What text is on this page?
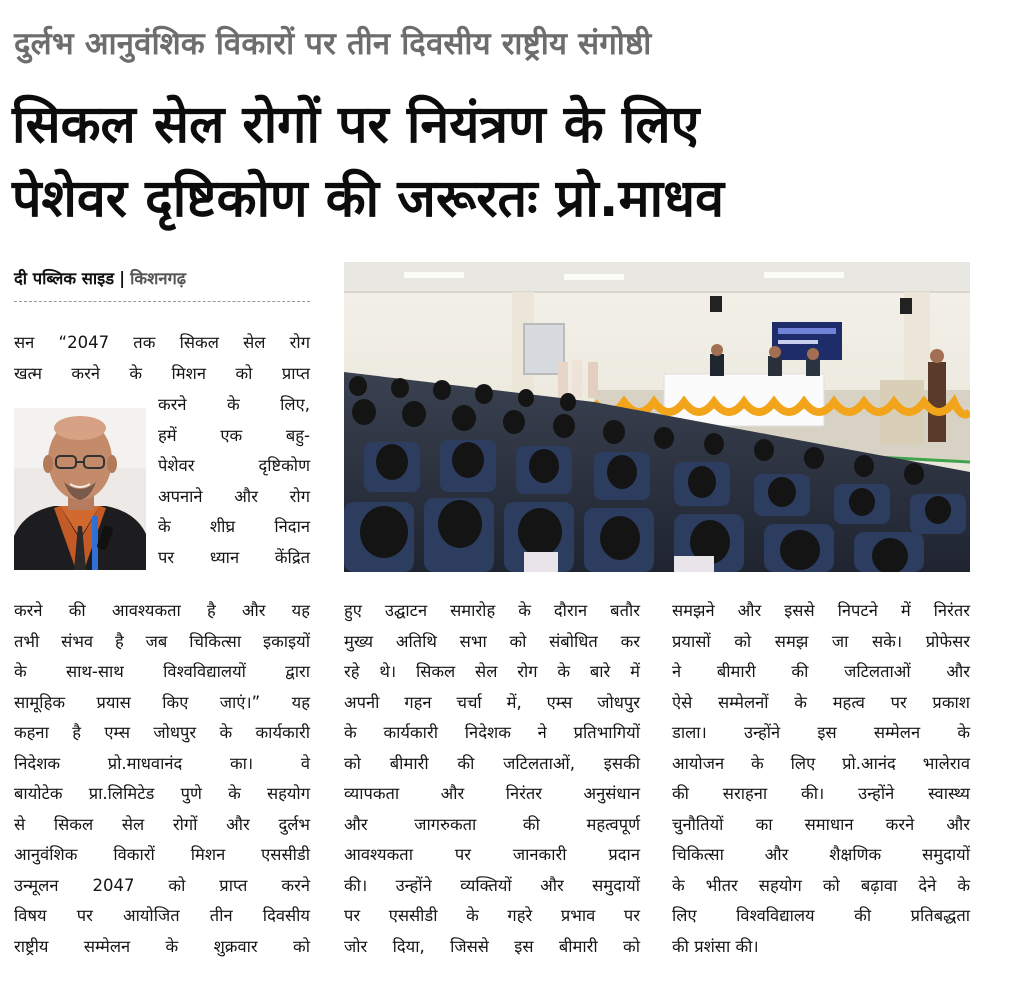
दुर्लभ आनुवंशिक विकारों पर तीन दिवसीय राष्ट्रीय संगोष्ठी
सिकल सेल रोगों पर नियंत्रण के लिए
पेशेवर दृष्टिकोण की जरूरतः प्रो.माधव
दी पब्लिक साइड | किशनगढ़
सन “2047 तक सिकल सेल रोग
खत्म करने के मिशन को प्राप्त
करने के लिए,
हमें एक बहु-
पेशेवर दृष्टिकोण
अपनाने और रोग
के शीघ्र निदान
पर ध्यान केंद्रित
करने की आवश्यकता है और यह
तभी संभव है जब चिकित्सा इकाइयों
के साथ-साथ विश्वविद्यालयों द्वारा
सामूहिक प्रयास किए जाएं।” यह
कहना है एम्स जोधपुर के कार्यकारी
निदेशक प्रो.माधवानंद का। वे
बायोटेक प्रा.लिमिटेड पुणे के सहयोग
से सिकल सेल रोगों और दुर्लभ
आनुवंशिक विकारों मिशन एससीडी
उन्मूलन 2047 को प्राप्त करने
विषय पर आयोजित तीन दिवसीय
राष्ट्रीय सम्मेलन के शुक्रवार को
हुए उद्घाटन समारोह के दौरान बतौर
मुख्य अतिथि सभा को संबोधित कर
रहे थे। सिकल सेल रोग के बारे में
अपनी गहन चर्चा में, एम्स जोधपुर
के कार्यकारी निदेशक ने प्रतिभागियों
को बीमारी की जटिलताओं, इसकी
व्यापकता और निरंतर अनुसंधान
और जागरुकता की महत्वपूर्ण
आवश्यकता पर जानकारी प्रदान
की। उन्होंने व्यक्तियों और समुदायों
पर एससीडी के गहरे प्रभाव पर
जोर दिया, जिससे इस बीमारी को
समझने और इससे निपटने में निरंतर
प्रयासों को समझ जा सके। प्रोफेसर
ने बीमारी की जटिलताओं और
ऐसे सम्मेलनों के महत्व पर प्रकाश
डाला। उन्होंने इस सम्मेलन के
आयोजन के लिए प्रो.आनंद भालेराव
की सराहना की। उन्होंने स्वास्थ्य
चुनौतियों का समाधान करने और
चिकित्सा और शैक्षणिक समुदायों
के भीतर सहयोग को बढ़ावा देने के
लिए विश्वविद्यालय की प्रतिबद्धता
की प्रशंसा की।
